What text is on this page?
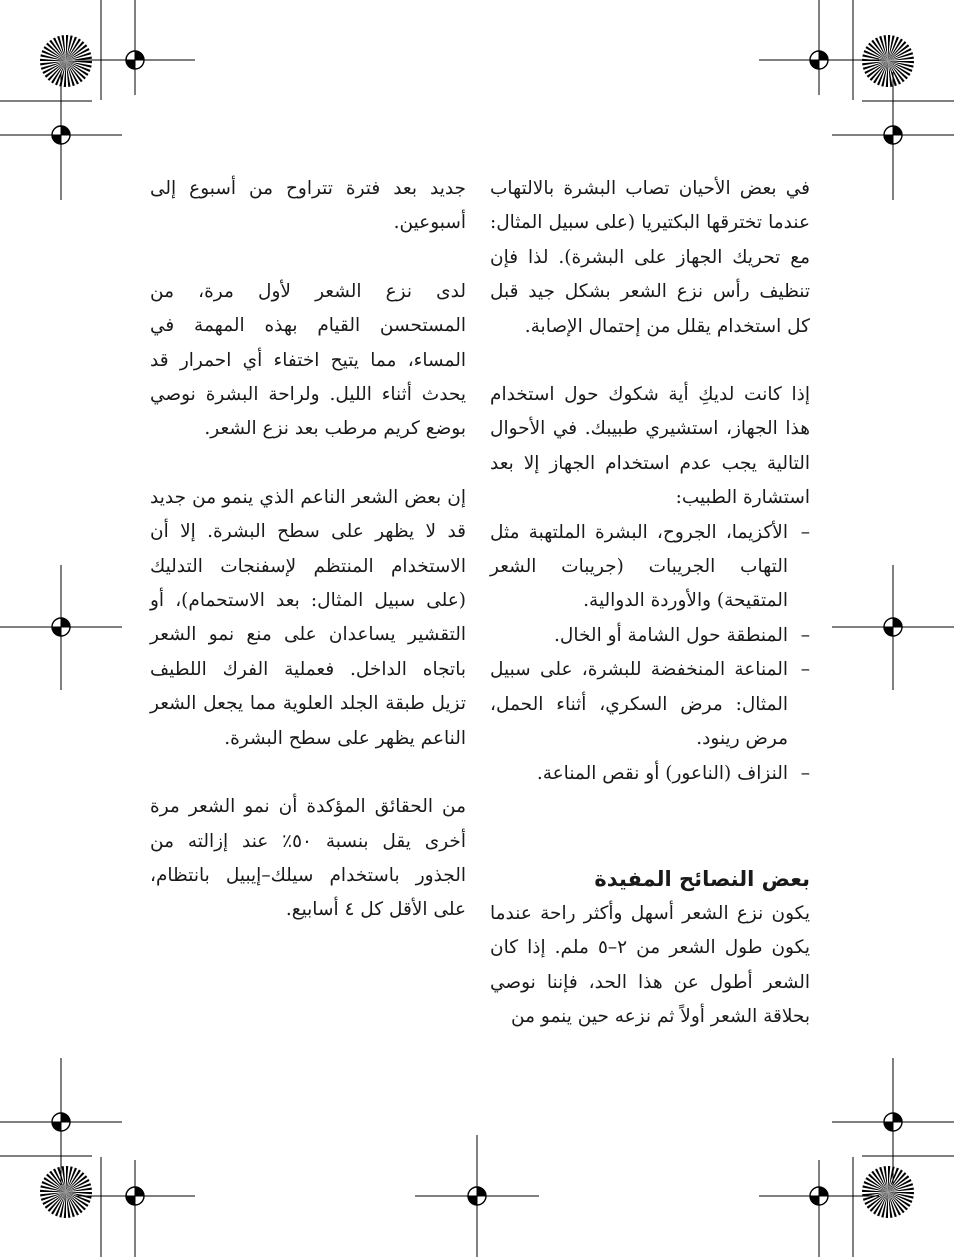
في بعض الأحيان تصاب البشرة بالالتهاب عندما تخترقها البكتيريا (على سبيل المثال: مع تحريك الجهاز على البشرة). لذا فإن تنظيف رأس نزع الشعر بشكل جيد قبل كل استخدام يقلل من إحتمال الإصابة.

إذا كانت لديكِ أية شكوك حول استخدام هذا الجهاز، استشيري طبيبك. في الأحوال التالية يجب عدم استخدام الجهاز إلا بعد استشارة الطبيب:

– الأكزيما، الجروح، البشرة الملتهبة مثل التهاب الجريبات (جريبات الشعر المتقيحة) والأوردة الدوالية.
– المنطقة حول الشامة أو الخال.
– المناعة المنخفضة للبشرة، على سبيل المثال: مرض السكري، أثناء الحمل، مرض رينود.
– النزاف (الناعور) أو نقص المناعة.
بعض النصائح المفيدة

يكون نزع الشعر أسهل وأكثر راحة عندما يكون طول الشعر من ٢–٥ ملم. إذا كان الشعر أطول عن هذا الحد، فإننا نوصي بحلاقة الشعر أولاً ثم نزعه حين ينمو من

جديد بعد فترة تتراوح من أسبوع إلى أسبوعين.

لدى نزع الشعر لأول مرة، من المستحسن القيام بهذه المهمة في المساء، مما يتيح اختفاء أي احمرار قد يحدث أثناء الليل. ولراحة البشرة نوصي بوضع كريم مرطب بعد نزع الشعر.

إن بعض الشعر الناعم الذي ينمو من جديد قد لا يظهر على سطح البشرة. إلا أن الاستخدام المنتظم لإسفنجات التدليك (على سبيل المثال: بعد الاستحمام)، أو التقشير يساعدان على منع نمو الشعر باتجاه الداخل. فعملية الفرك اللطيف تزيل طبقة الجلد العلوية مما يجعل الشعر الناعم يظهر على سطح البشرة.

من الحقائق المؤكدة أن نمو الشعر مرة أخرى يقل بنسبة ٥٠٪ عند إزالته من الجذور باستخدام سيلك–إيبيل بانتظام، على الأقل كل ٤ أسابيع.
